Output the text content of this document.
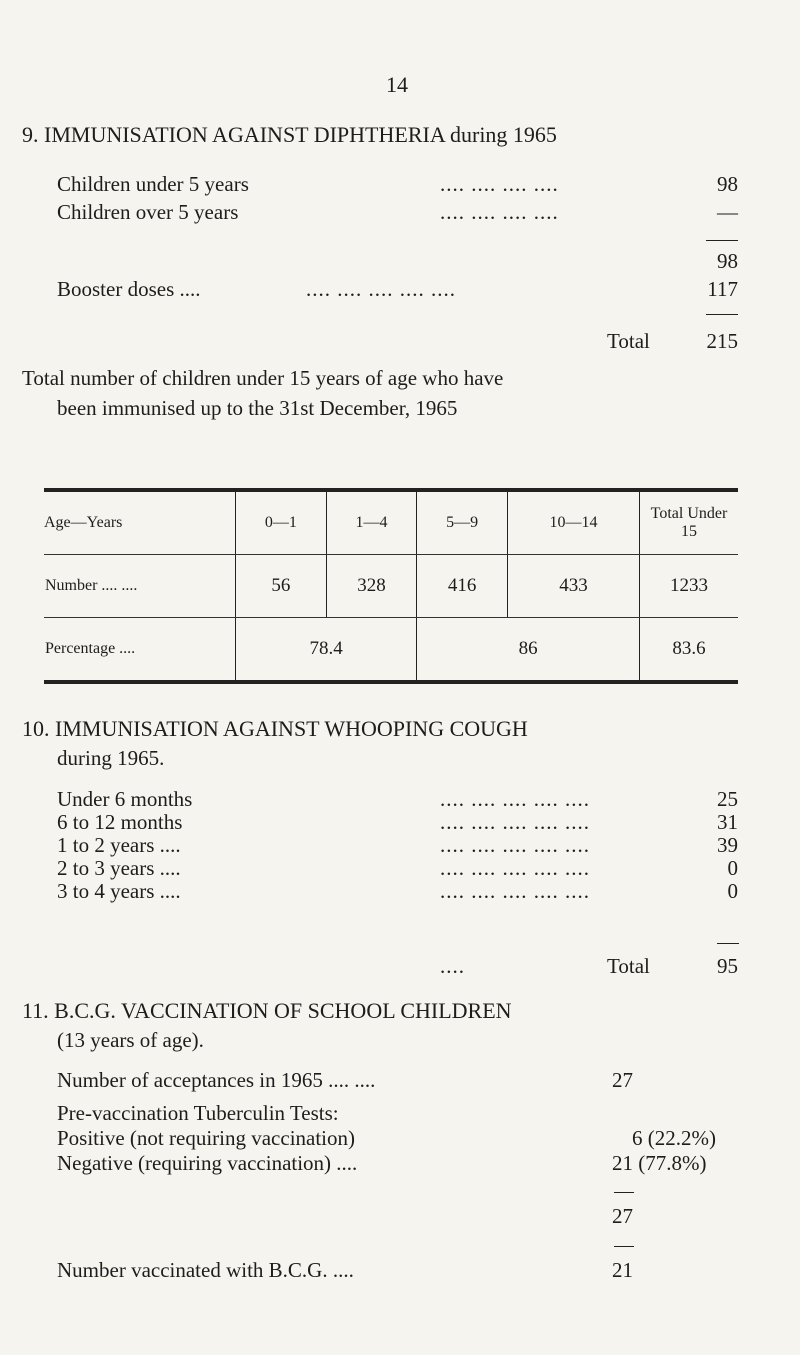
14
9. IMMUNISATION AGAINST DIPHTHERIA during 1965
Children under 5 years	.... .... .... ....	98
Children over 5 years	.... .... .... ....	—
98
Booster doses ....	.... .... .... .... ....	117
Total	215
Total number of children under 15 years of age who have
been immunised up to the 31st December, 1965
Age—Years	0—1	1—4	5—9	10—14	Total Under 15
Number .... ....	56	328	416	433	1233
Percentage ....	78.4		86		83.6
10. IMMUNISATION AGAINST WHOOPING COUGH
during 1965.
Under 6 months	.... .... .... .... ....	25
6 to 12 months	.... .... .... .... ....	31
1 to 2 years ....	.... .... .... .... ....	39
2 to 3 years ....	.... .... .... .... ....	0
3 to 4 years ....	.... .... .... .... ....	0
....	Total	95
11. B.C.G. VACCINATION OF SCHOOL CHILDREN
(13 years of age).
Number of acceptances in 1965 .... ....	27
Pre-vaccination Tuberculin Tests:
Positive (not requiring vaccination)	6 (22.2%)
Negative (requiring vaccination) ....	21 (77.8%)
27
Number vaccinated with B.C.G. ....	21
